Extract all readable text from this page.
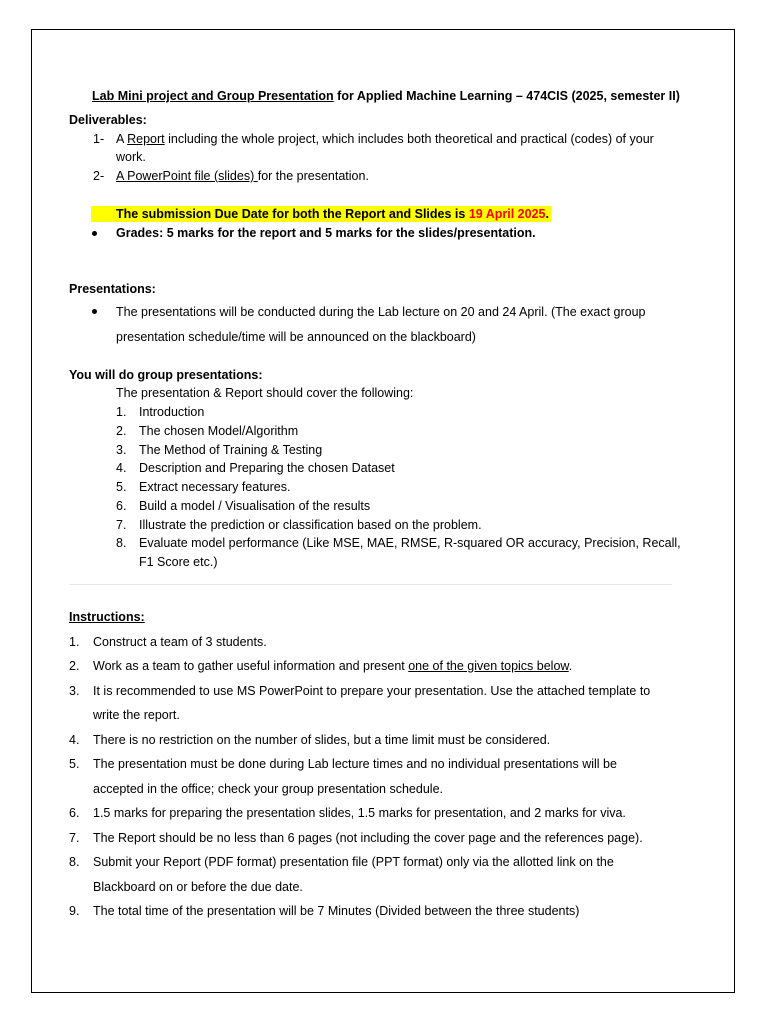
Lab Mini project and Group Presentation for Applied Machine Learning – 474CIS (2025, semester II)
Deliverables:
1- A Report including the whole project, which includes both theoretical and practical (codes) of your
work.
2- A PowerPoint file (slides) for the presentation.
The submission Due Date for both the Report and Slides is 19 April 2025.
Grades: 5 marks for the report and 5 marks for the slides/presentation.
Presentations:
The presentations will be conducted during the Lab lecture on 20 and 24 April. (The exact group
presentation schedule/time will be announced on the blackboard)
You will do group presentations:
The presentation & Report should cover the following:
1. Introduction
2. The chosen Model/Algorithm
3. The Method of Training & Testing
4. Description and Preparing the chosen Dataset
5. Extract necessary features.
6. Build a model / Visualisation of the results
7. Illustrate the prediction or classification based on the problem.
8. Evaluate model performance (Like MSE, MAE, RMSE, R-squared OR accuracy, Precision, Recall,
F1 Score etc.)
Instructions:
1. Construct a team of 3 students.
2. Work as a team to gather useful information and present one of the given topics below.
3. It is recommended to use MS PowerPoint to prepare your presentation. Use the attached template to
write the report.
4. There is no restriction on the number of slides, but a time limit must be considered.
5. The presentation must be done during Lab lecture times and no individual presentations will be
accepted in the office; check your group presentation schedule.
6. 1.5 marks for preparing the presentation slides, 1.5 marks for presentation, and 2 marks for viva.
7. The Report should be no less than 6 pages (not including the cover page and the references page).
8. Submit your Report (PDF format) presentation file (PPT format) only via the allotted link on the
Blackboard on or before the due date.
9. The total time of the presentation will be 7 Minutes (Divided between the three students)
